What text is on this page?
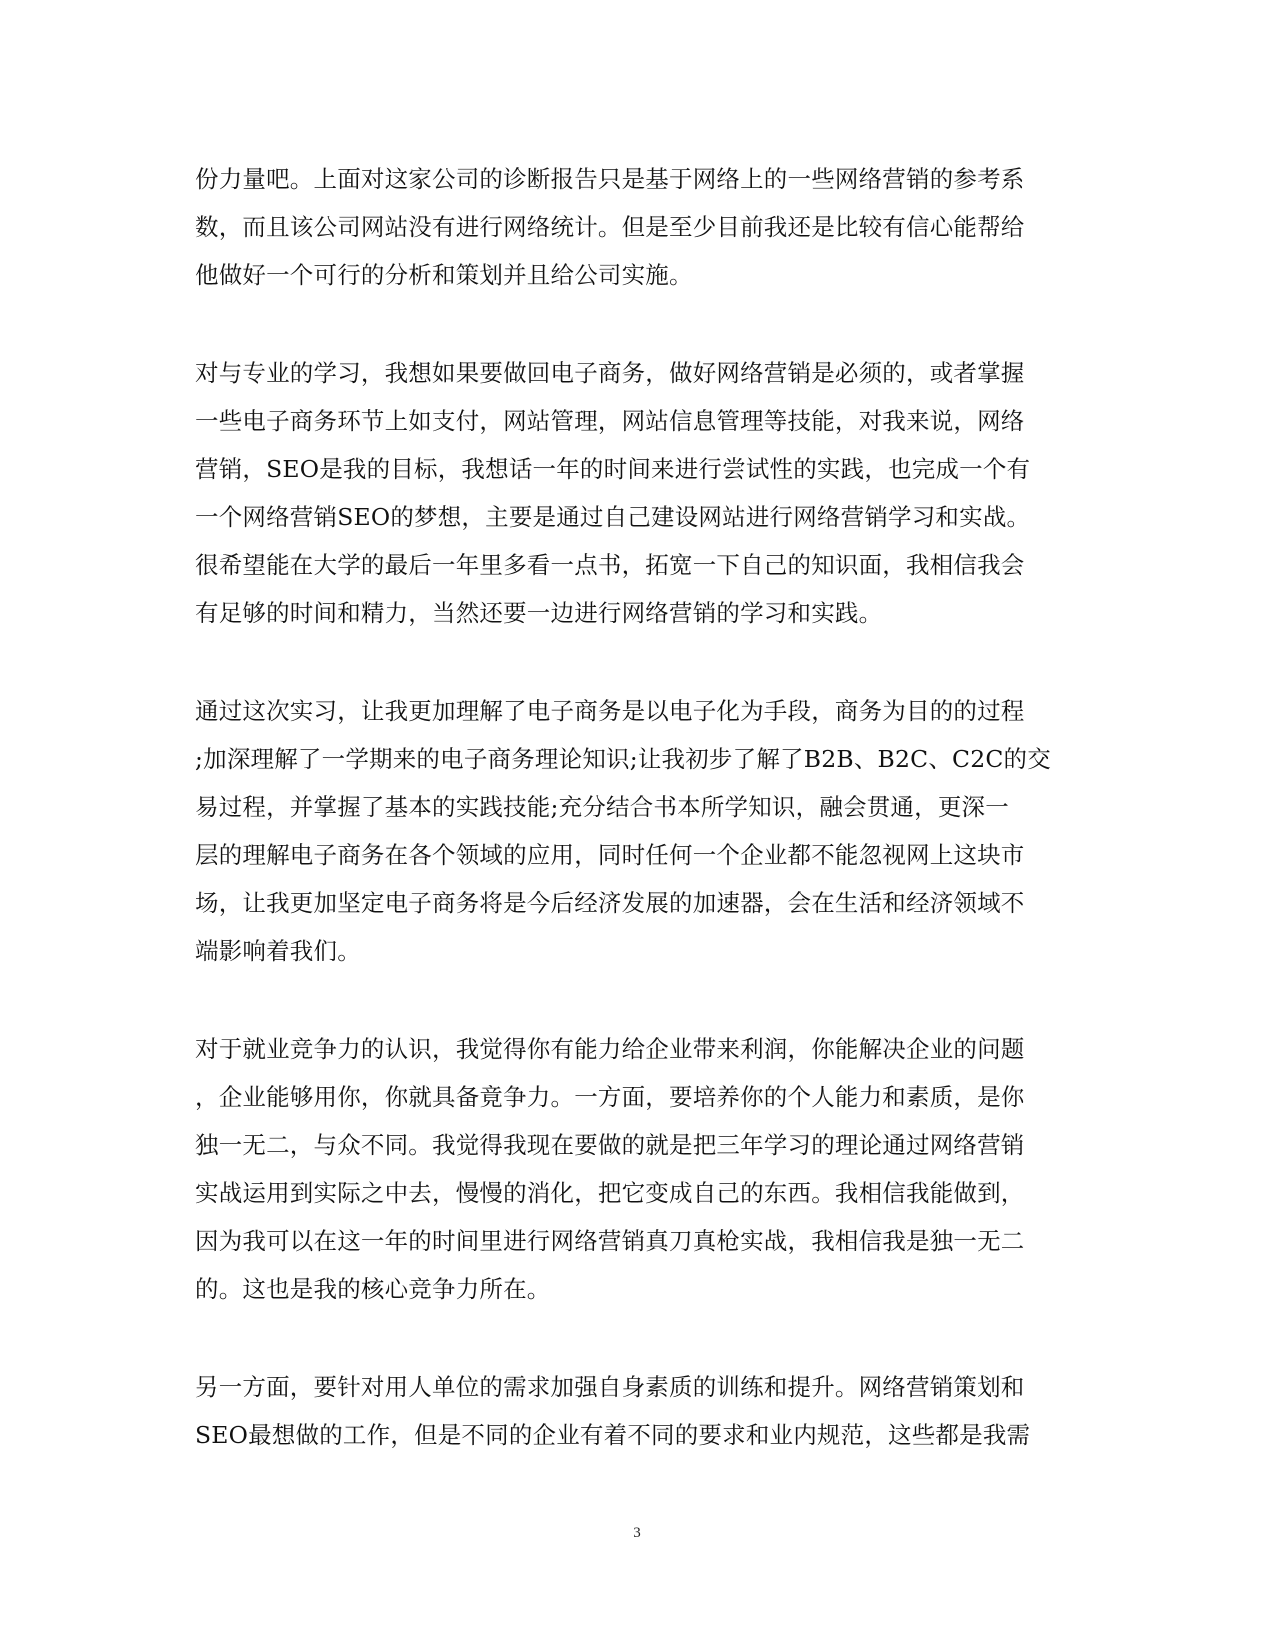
份力量吧。上面对这家公司的诊断报告只是基于网络上的一些网络营销的参考系
数，而且该公司网站没有进行网络统计。但是至少目前我还是比较有信心能帮给
他做好一个可行的分析和策划并且给公司实施。

对与专业的学习，我想如果要做回电子商务，做好网络营销是必须的，或者掌握
一些电子商务环节上如支付，网站管理，网站信息管理等技能，对我来说，网络
营销，SEO是我的目标，我想话一年的时间来进行尝试性的实践，也完成一个有
一个网络营销SEO的梦想，主要是通过自己建设网站进行网络营销学习和实战。
很希望能在大学的最后一年里多看一点书，拓宽一下自己的知识面，我相信我会
有足够的时间和精力，当然还要一边进行网络营销的学习和实践。

通过这次实习，让我更加理解了电子商务是以电子化为手段，商务为目的的过程
;加深理解了一学期来的电子商务理论知识;让我初步了解了B2B、B2C、C2C的交
易过程，并掌握了基本的实践技能;充分结合书本所学知识，融会贯通，更深一
层的理解电子商务在各个领域的应用，同时任何一个企业都不能忽视网上这块市
场，让我更加坚定电子商务将是今后经济发展的加速器，会在生活和经济领域不
端影响着我们。

对于就业竞争力的认识，我觉得你有能力给企业带来利润，你能解决企业的问题
，企业能够用你，你就具备竟争力。一方面，要培养你的个人能力和素质，是你
独一无二，与众不同。我觉得我现在要做的就是把三年学习的理论通过网络营销
实战运用到实际之中去，慢慢的消化，把它变成自己的东西。我相信我能做到，
因为我可以在这一年的时间里进行网络营销真刀真枪实战，我相信我是独一无二
的。这也是我的核心竞争力所在。

另一方面，要针对用人单位的需求加强自身素质的训练和提升。网络营销策划和
SEO最想做的工作，但是不同的企业有着不同的要求和业内规范，这些都是我需

3
